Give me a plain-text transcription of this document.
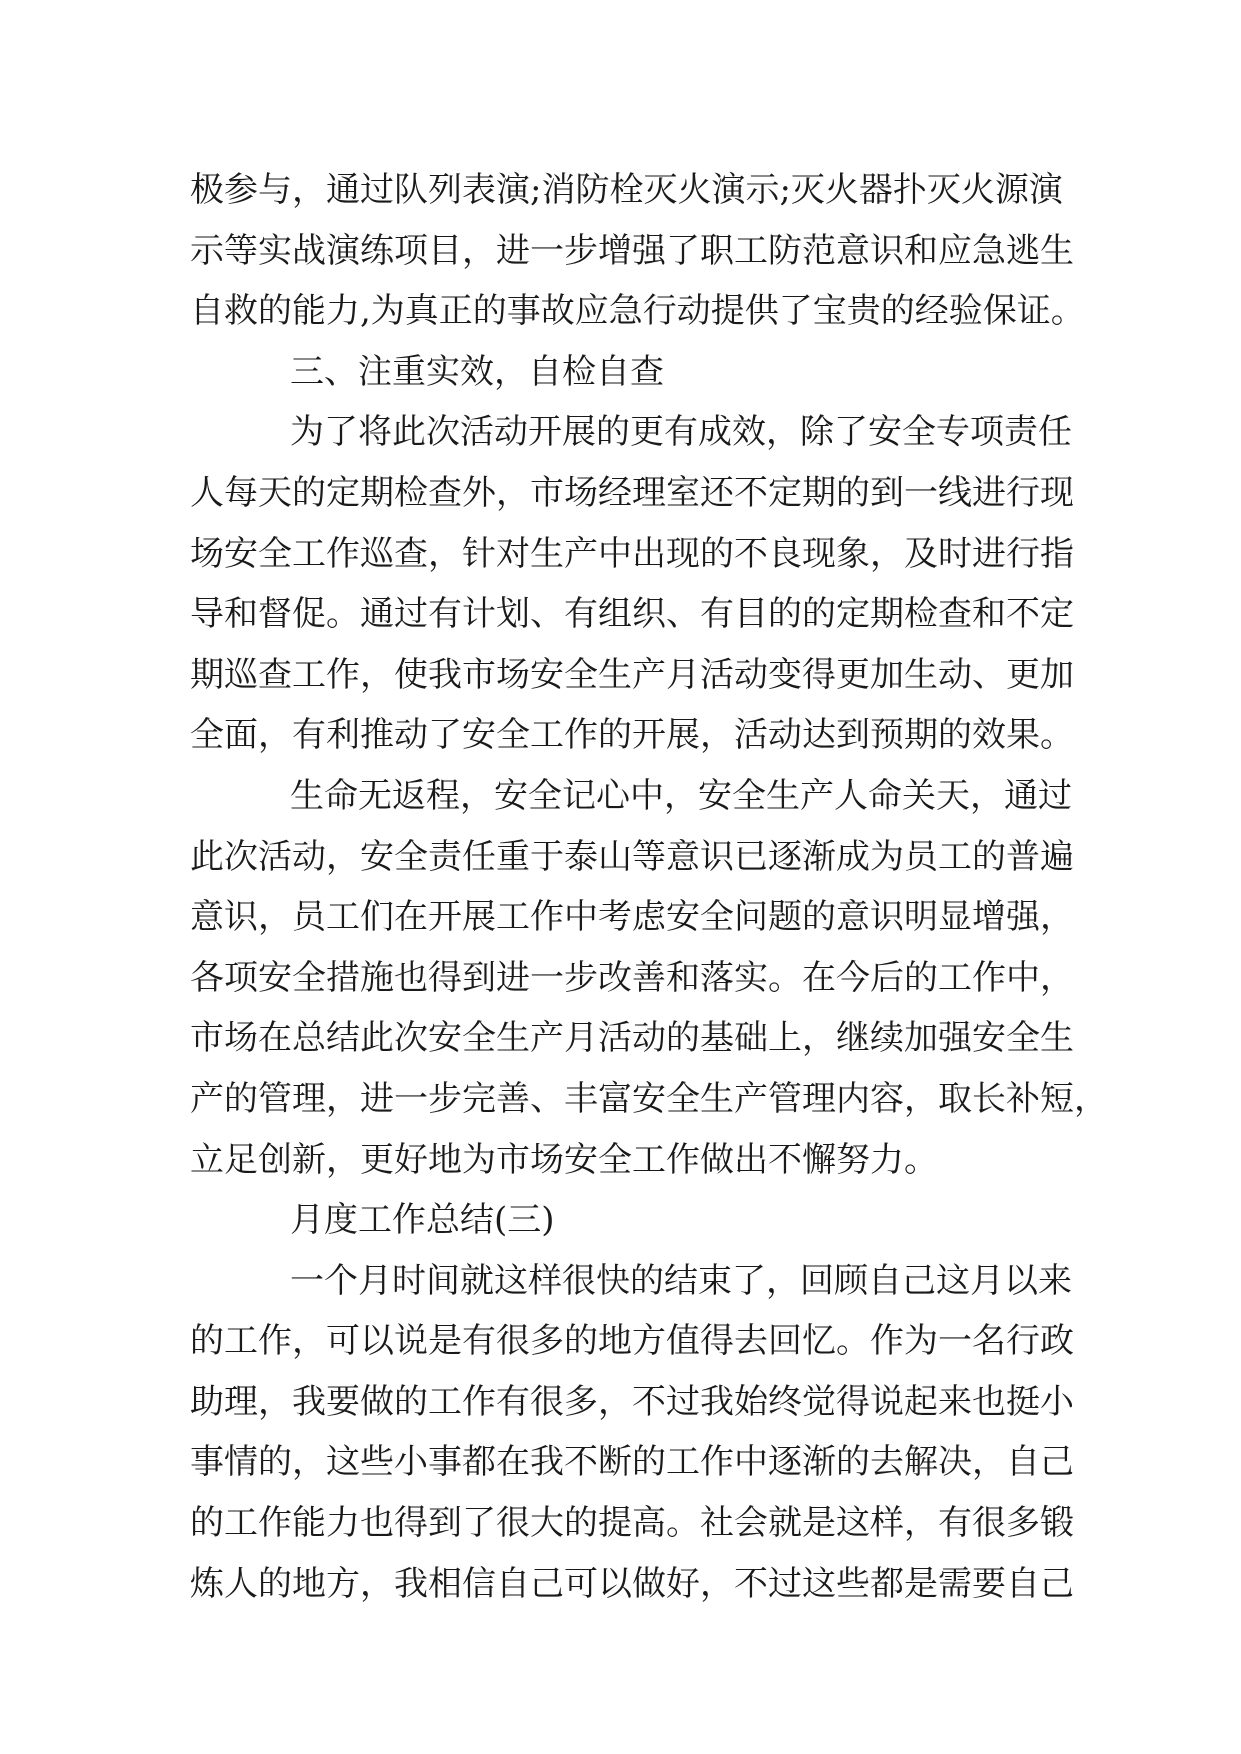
极参与，通过队列表演;消防栓灭火演示;灭火器扑灭火源演
示等实战演练项目，进一步增强了职工防范意识和应急逃生
自救的能力,为真正的事故应急行动提供了宝贵的经验保证。
三、注重实效，自检自查
为了将此次活动开展的更有成效，除了安全专项责任
人每天的定期检查外，市场经理室还不定期的到一线进行现
场安全工作巡查，针对生产中出现的不良现象，及时进行指
导和督促。通过有计划、有组织、有目的的定期检查和不定
期巡查工作，使我市场安全生产月活动变得更加生动、更加
全面，有利推动了安全工作的开展，活动达到预期的效果。
生命无返程，安全记心中，安全生产人命关天，通过
此次活动，安全责任重于泰山等意识已逐渐成为员工的普遍
意识，员工们在开展工作中考虑安全问题的意识明显增强，
各项安全措施也得到进一步改善和落实。在今后的工作中，
市场在总结此次安全生产月活动的基础上，继续加强安全生
产的管理，进一步完善、丰富安全生产管理内容，取长补短，
立足创新，更好地为市场安全工作做出不懈努力。
月度工作总结(三)
一个月时间就这样很快的结束了，回顾自己这月以来
的工作，可以说是有很多的地方值得去回忆。作为一名行政
助理，我要做的工作有很多，不过我始终觉得说起来也挺小
事情的，这些小事都在我不断的工作中逐渐的去解决，自己
的工作能力也得到了很大的提高。社会就是这样，有很多锻
炼人的地方，我相信自己可以做好，不过这些都是需要自己
